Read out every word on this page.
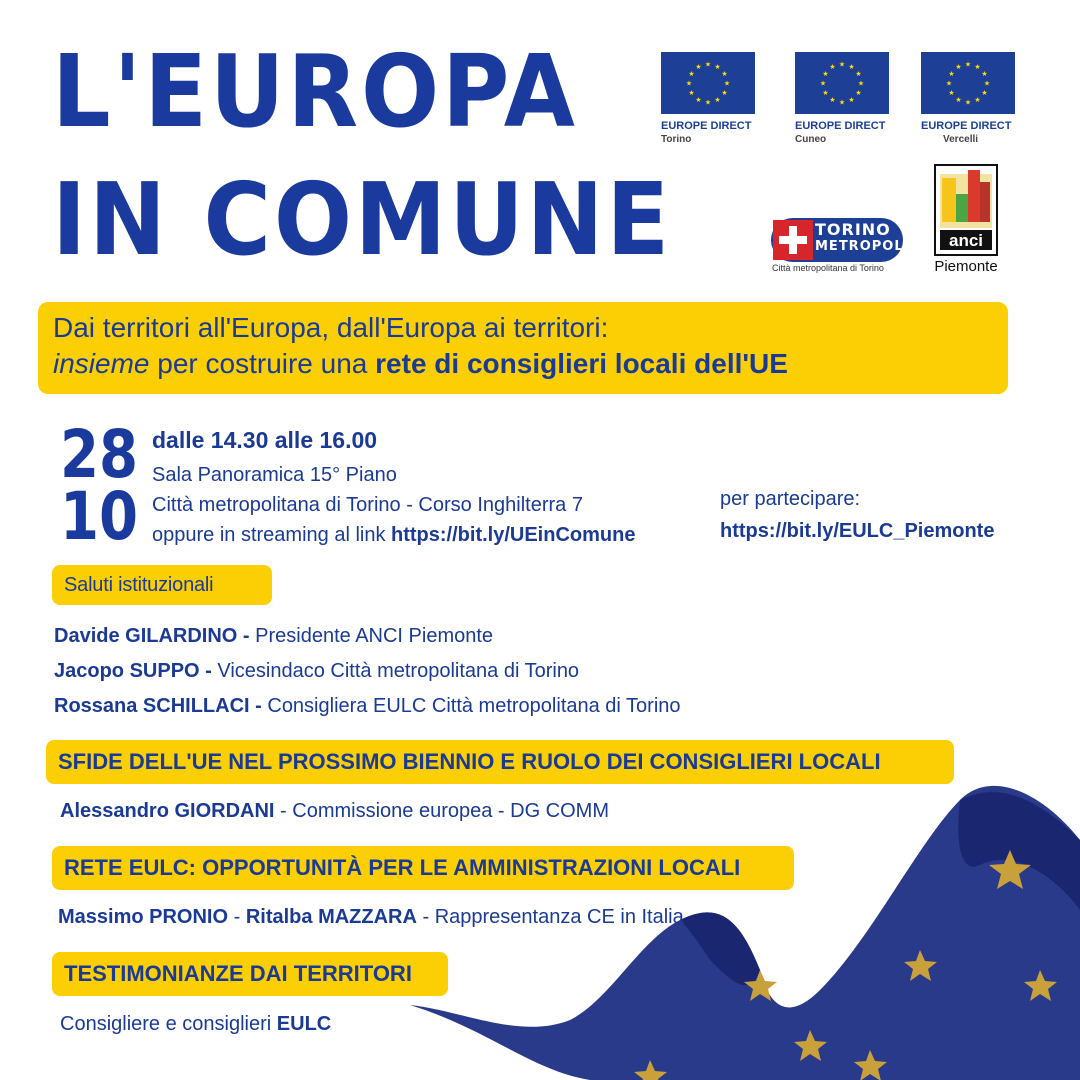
L'EUROPA
IN COMUNE
★ ★
★
★
★
★
★
★
★
★
★
★
EUROPE DIRECT
Torino
★ ★
★
★
★
★
★
★
★
★
★
★
EUROPE DIRECT
Cuneo
★ ★
★
★
★
★
★
★
★
★
★
★
EUROPE DIRECT
Vercelli
TORINO
METROPOLI
Città metropolitana di Torino
anci
Piemonte
Dai territori all'Europa, dall'Europa ai territori:
insieme per costruire una rete di consiglieri locali dell'UE
28
10
dalle 14.30 alle 16.00
Sala Panoramica 15° Piano
Città metropolitana di Torino - Corso Inghilterra 7
oppure in streaming al link https://bit.ly/UEinComune
per partecipare:
https://bit.ly/EULC_Piemonte
Saluti istituzionali
Davide GILARDINO - Presidente ANCI Piemonte
Jacopo SUPPO - Vicesindaco Città metropolitana di Torino
Rossana SCHILLACI - Consigliera EULC Città metropolitana di Torino
SFIDE DELL'UE NEL PROSSIMO BIENNIO E RUOLO DEI CONSIGLIERI LOCALI
Alessandro GIORDANI - Commissione europea - DG COMM
RETE EULC: OPPORTUNITÀ PER LE AMMINISTRAZIONI LOCALI
Massimo PRONIO - Ritalba MAZZARA - Rappresentanza CE in Italia
TESTIMONIANZE DAI TERRITORI
Consigliere e consiglieri EULC
